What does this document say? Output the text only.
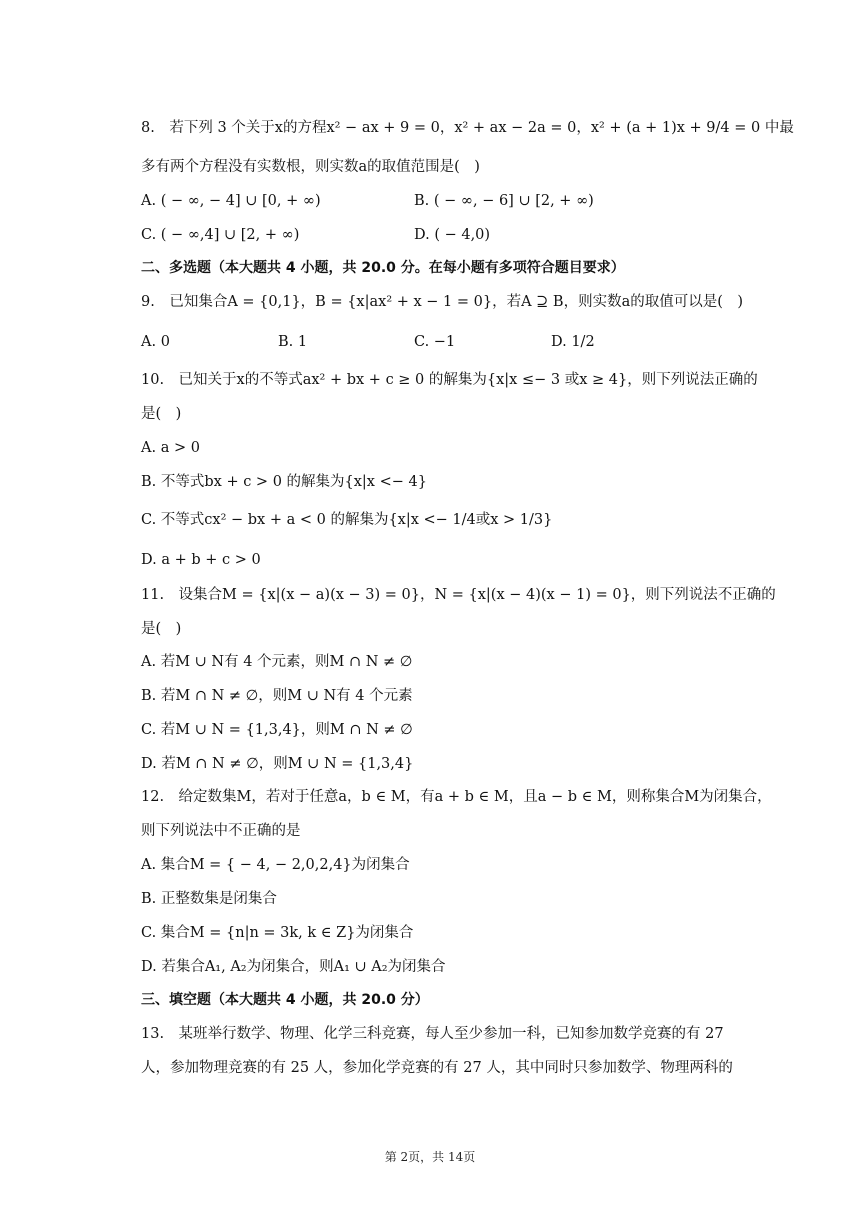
8.　若下列 3 个关于x的方程x² − ax + 9 = 0，x² + ax − 2a = 0，x² + (a + 1)x + 9/4 = 0 中最
多有两个方程没有实数根，则实数a的取值范围是(　)
A. ( − ∞, − 4] ∪ [0, + ∞)	B. ( − ∞, − 6] ∪ [2, + ∞)
C. ( − ∞,4] ∪ [2, + ∞)	D. ( − 4,0)
二、多选题（本大题共 4 小题，共 20.0 分。在每小题有多项符合题目要求）
9.　已知集合A = {0,1}，B = {x|ax² + x − 1 = 0}，若A ⊇ B，则实数a的取值可以是(　)
A. 0	B. 1	C. −1	D. 1/2
10.　已知关于x的不等式ax² + bx + c ≥ 0 的解集为{x|x ≤− 3 或x ≥ 4}，则下列说法正确的
是(　)
A. a > 0
B. 不等式bx + c > 0 的解集为{x|x <− 4}
C. 不等式cx² − bx + a < 0 的解集为{x|x <− 1/4或x > 1/3}
D. a + b + c > 0
11.　设集合M = {x|(x − a)(x − 3) = 0}，N = {x|(x − 4)(x − 1) = 0}，则下列说法不正确的
是(　)
A. 若M ∪ N有 4 个元素，则M ∩ N ≠ ∅
B. 若M ∩ N ≠ ∅，则M ∪ N有 4 个元素
C. 若M ∪ N = {1,3,4}，则M ∩ N ≠ ∅
D. 若M ∩ N ≠ ∅，则M ∪ N = {1,3,4}
12.　给定数集M，若对于任意a，b ∈ M，有a + b ∈ M，且a − b ∈ M，则称集合M为闭集合，
则下列说法中不正确的是
A. 集合M = { − 4, − 2,0,2,4}为闭集合
B. 正整数集是闭集合
C. 集合M = {n|n = 3k, k ∈ Z}为闭集合
D. 若集合A₁, A₂为闭集合，则A₁ ∪ A₂为闭集合
三、填空题（本大题共 4 小题，共 20.0 分）
13.　某班举行数学、物理、化学三科竞赛，每人至少参加一科，已知参加数学竞赛的有 27
人，参加物理竞赛的有 25 人，参加化学竞赛的有 27 人，其中同时只参加数学、物理两科的
第 2页，共 14页
